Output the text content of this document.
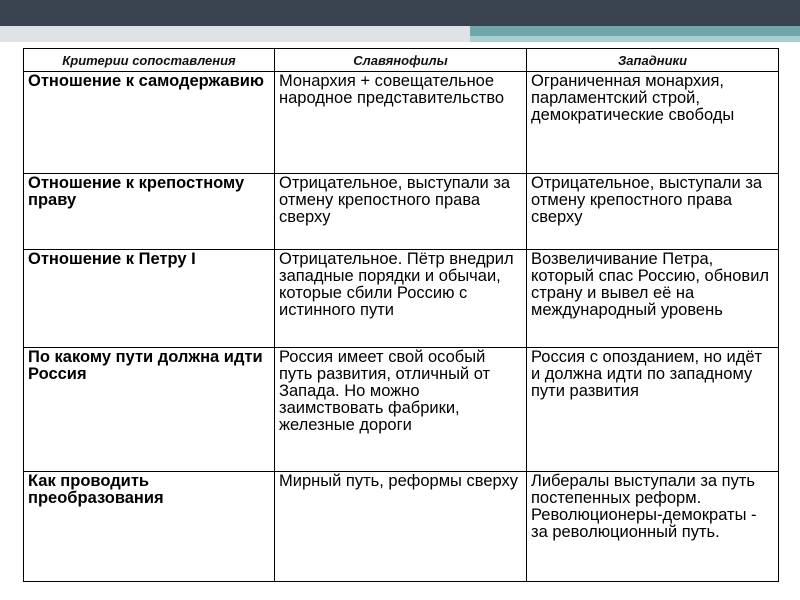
Критерии сопоставления	Славянофилы	Западники
Отношение к самодержавию	Монархия + совещательное народное представительство	Ограниченная монархия, парламентский строй, демократические свободы
Отношение к крепостному праву	Отрицательное, выступали за отмену крепостного права сверху	Отрицательное, выступали за отмену крепостного права сверху
Отношение к Петру I	Отрицательное. Пётр внедрил западные порядки и обычаи, которые сбили Россию с истинного пути	Возвеличивание Петра, который спас Россию, обновил страну и вывел её на международный уровень
По какому пути должна идти Россия	Россия имеет свой особый путь развития, отличный от Запада. Но можно заимствовать фабрики, железные дороги	Россия с опозданием, но идёт и должна идти по западному пути развития
Как проводить преобразования	Мирный путь, реформы сверху	Либералы выступали за путь постепенных реформ. Революционеры-демократы - за революционный путь.
